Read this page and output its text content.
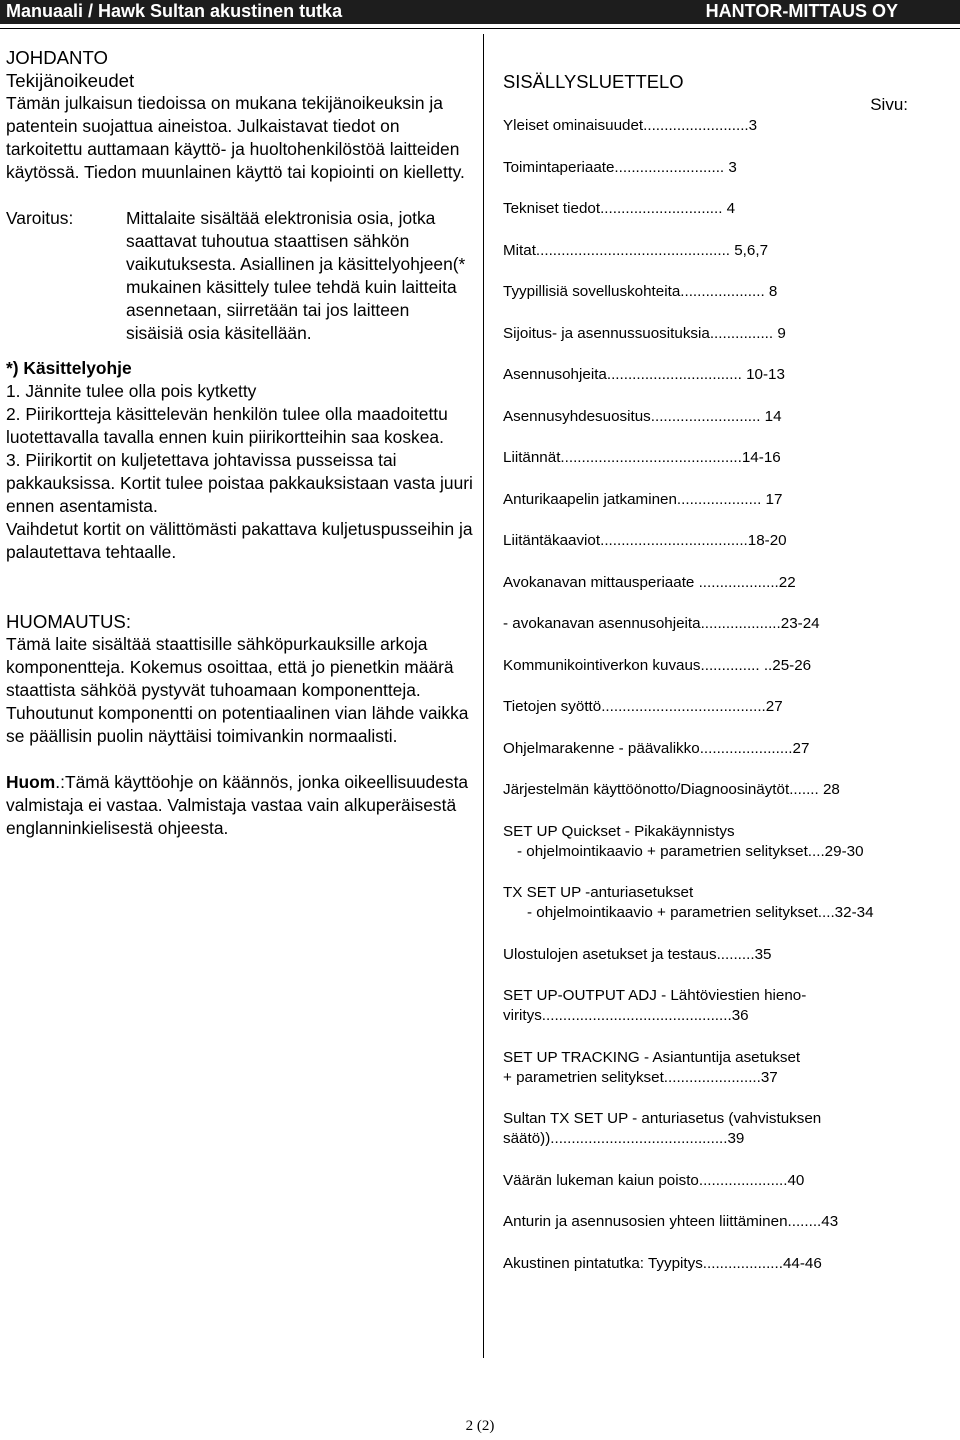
Manuaali / Hawk Sultan akustinen tutka	HANTOR-MITTAUS OY

JOHDANTO

Tekijänoikeudet

Tämän julkaisun tiedoissa on mukana tekijänoikeuksin ja patentein suojattua aineistoa. Julkaistavat tiedot on tarkoitettu auttamaan käyttö- ja huoltohenkilöstöä laitteiden käytössä. Tiedon muunlainen käyttö tai kopiointi on kielletty.

Varoitus:	Mittalaite sisältää elektronisia osia, jotka saattavat tuhoutua staattisen sähkön vaikutuksesta. Asiallinen ja käsittelyohjeen(* mukainen käsittely tulee tehdä kuin laitteita asennetaan, siirretään tai jos laitteen sisäisiä osia käsitellään.

*) Käsittelyohje

1. Jännite tulee olla pois kytketty

2. Piirikortteja käsittelevän henkilön tulee olla maadoitettu luotettavalla tavalla ennen kuin piirikortteihin saa koskea.

3. Piirikortit on kuljetettava johtavissa pusseissa tai pakkauksissa. Kortit tulee poistaa pakkauksistaan vasta juuri ennen asentamista.

Vaihdetut kortit on välittömästi pakattava kuljetuspusseihin ja palautettava tehtaalle.

HUOMAUTUS:

Tämä laite sisältää staattisille sähköpurkauksille arkoja komponentteja. Kokemus osoittaa, että jo pienetkin määrä staattista sähköä pystyvät tuhoamaan komponentteja. Tuhoutunut komponentti on potentiaalinen vian lähde vaikka se päällisin puolin näyttäisi toimivankin normaalisti.

Huom.:Tämä käyttöohje on käännös, jonka oikeellisuudesta valmistaja ei vastaa. Valmistaja vastaa vain alkuperäisestä englanninkielisestä ohjeesta.

SISÄLLYSLUETTELO

Sivu:

Yleiset ominaisuudet.........................3
Toimintaperiaate.......................... 3
Tekniset tiedot............................. 4
Mitat.............................................. 5,6,7
Tyypillisiä sovelluskohteita.................... 8
Sijoitus- ja asennussuosituksia............... 9
Asennusohjeita................................ 10-13
Asennusyhdesuositus.......................... 14
Liitännät...........................................14-16
Anturikaapelin jatkaminen.................... 17
Liitäntäkaaviot...................................18-20
Avokanavan mittausperiaate ...................22
- avokanavan asennusohjeita...................23-24
Kommunikointiverkon kuvaus.............. ..25-26
Tietojen syöttö.......................................27
Ohjelmarakenne - päävalikko......................27
Järjestelmän käyttöönotto/Diagnoosinäytöt....... 28
SET UP Quickset - Pikakäynnistys
- ohjelmointikaavio + parametrien selitykset....29-30
TX SET UP -anturiasetukset
- ohjelmointikaavio + parametrien selitykset....32-34
Ulostulojen asetukset ja testaus.........35
SET UP-OUTPUT ADJ - Lähtöviestien hieno-
viritys.............................................36
SET UP TRACKING - Asiantuntija asetukset
+ parametrien selitykset.......................37
Sultan TX SET UP - anturiasetus (vahvistuksen
säätö))..........................................39
Väärän lukeman kaiun poisto.....................40
Anturin ja asennusosien yhteen liittäminen........43
Akustinen pintatutka: Tyypitys...................44-46
2 (2)
